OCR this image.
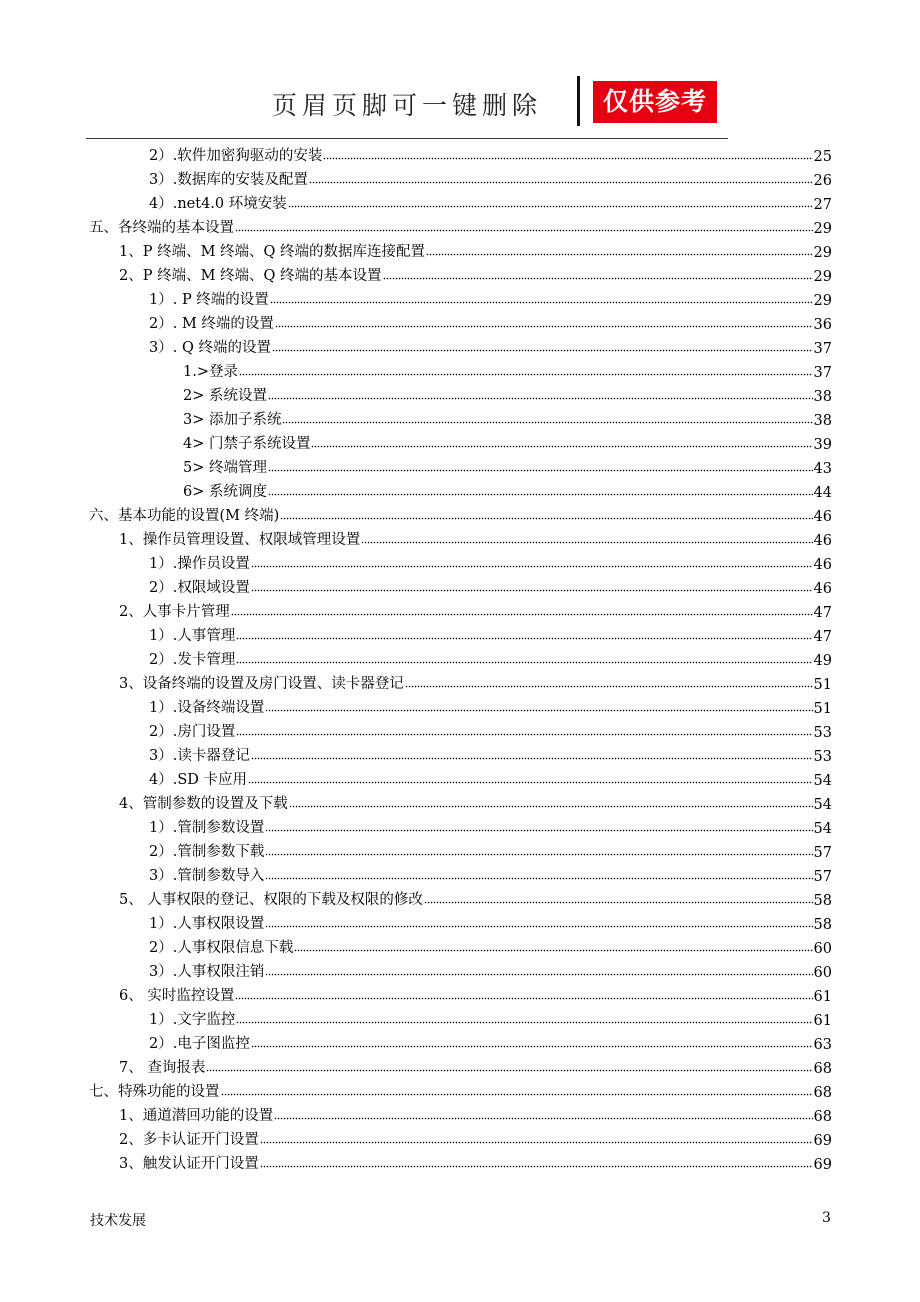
页眉页脚可一键删除	仅供参考
2）.软件加密狗驱动的安装	25
3）.数据库的安装及配置	26
4）.net4.0 环境安装	27
五、各终端的基本设置	29
1、P 终端、M 终端、Q 终端的数据库连接配置	29
2、P 终端、M 终端、Q 终端的基本设置	29
1）. P 终端的设置	29
2）. M 终端的设置	36
3）. Q 终端的设置	37
1.>登录	37
2> 系统设置	38
3> 添加子系统	38
4> 门禁子系统设置	39
5> 终端管理	43
6> 系统调度	44
六、基本功能的设置(M 终端)	46
1、操作员管理设置、权限域管理设置	46
1）.操作员设置	46
2）.权限域设置	46
2、人事卡片管理	47
1）.人事管理	47
2）.发卡管理	49
3、设备终端的设置及房门设置、读卡器登记	51
1）.设备终端设置	51
2）.房门设置	53
3）.读卡器登记	53
4）.SD 卡应用	54
4、管制参数的设置及下载	54
1）.管制参数设置	54
2）.管制参数下载	57
3）.管制参数导入	57
5、 人事权限的登记、权限的下载及权限的修改	58
1）.人事权限设置	58
2）.人事权限信息下载	60
3）.人事权限注销	60
6、 实时监控设置	61
1）.文字监控	61
2）.电子图监控	63
7、 查询报表	68
七、特殊功能的设置	68
1、通道潜回功能的设置	68
2、多卡认证开门设置	69
3、触发认证开门设置	69
技术发展	3
